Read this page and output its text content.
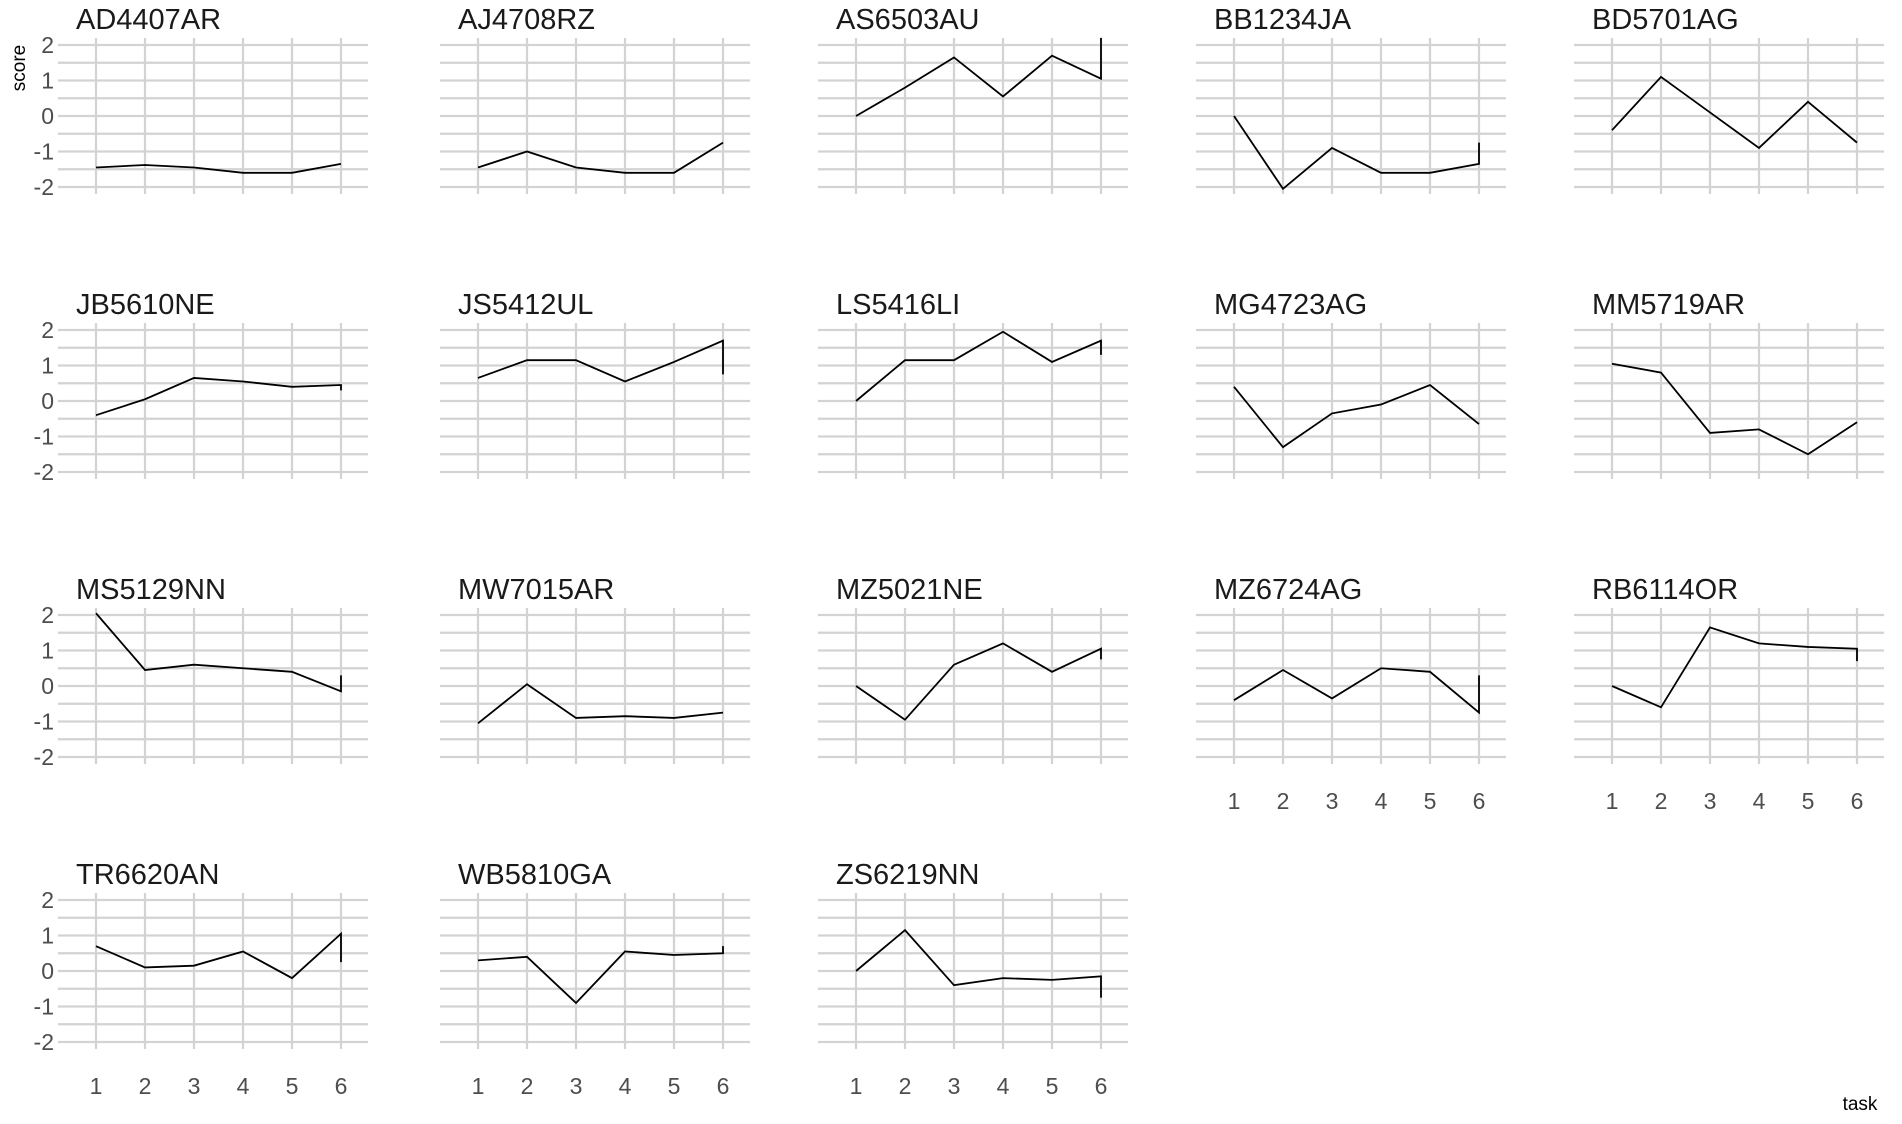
task
score
AD4407AR
-2
-1
0
1
2
AJ4708RZ	AS6503AU	BB1234JA	BD5701AG
JB5610NE
-2
-1
0
1
2
JS5412UL	LS5416LI	MG4723AG	MM5719AR
MS5129NN
-2
-1
0
1
2
MW7015AR	MZ5021NE	MZ6724AG
1 2 3 4 5 6
RB6114OR
1 2 3 4 5 6
TR6620AN
-2
-1
0
1
2
1 2 3 4 5 6
WB5810GA
1 2 3 4 5 6
ZS6219NN
1 2 3 4 5 6
